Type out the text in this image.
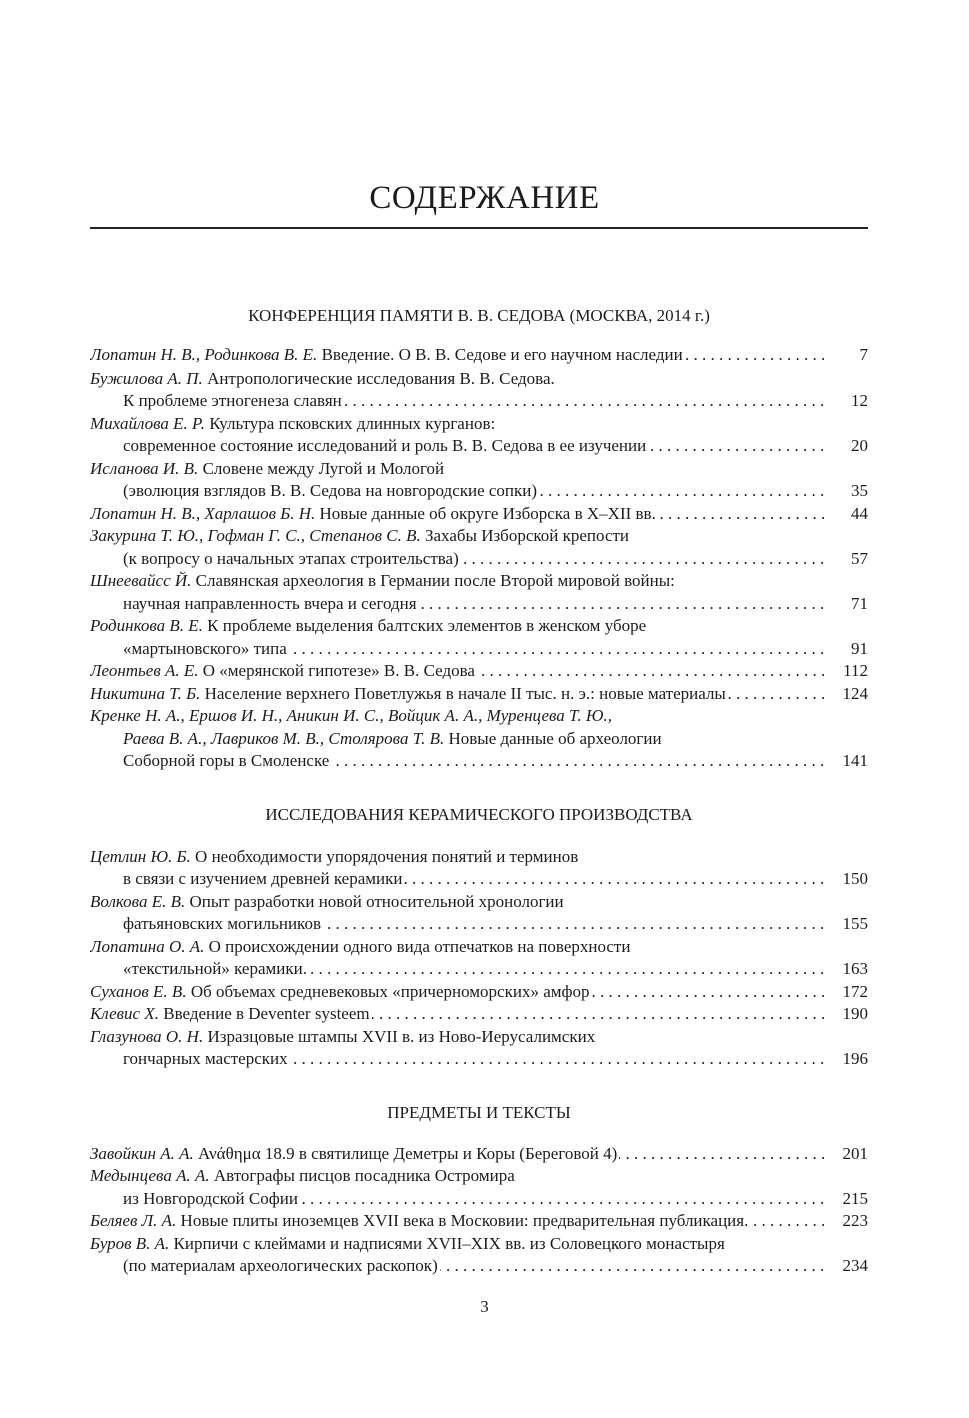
СОДЕРЖАНИЕ
КОНФЕРЕНЦИЯ ПАМЯТИ В. В. СЕДОВА (МОСКВА, 2014 г.)
. . . Лопатин Н. В., Родинкова В. Е. Введение. О В. В. Седове и его научном наследии	7
Бужилова А. П. Антропологические исследования В. В. Седова.
. . . К проблеме этногенеза славян	12
Михайлова Е. Р. Культура псковских длинных курганов:
. . . современное состояние исследований и роль В. В. Седова в ее изучении	20
Исланова И. В. Словене между Лугой и Мологой
. . . (эволюция взглядов В. В. Седова на новгородские сопки)	35
. . . Лопатин Н. В., Харлашов Б. Н. Новые данные об округе Изборска в X–XII вв.	44
Закурина Т. Ю., Гофман Г. С., Степанов С. В. Захабы Изборской крепости
. . . (к вопросу о начальных этапах строительства)	57
Шнеевайсс Й. Славянская археология в Германии после Второй мировой войны:
. . . научная направленность вчера и сегодня	71
Родинкова В. Е. К проблеме выделения балтских элементов в женском уборе
. . . «мартыновского» типа	91
. . . Леонтьев А. Е. О «мерянской гипотезе» В. В. Седова	112
. . . Никитина Т. Б. Население верхнего Поветлужья в начале II тыс. н. э.: новые материалы	124
Кренке Н. А., Ершов И. Н., Аникин И. С., Войцик А. А., Муренцева Т. Ю.,
Раева В. А., Лавриков М. В., Столярова Т. В. Новые данные об археологии
. . . Соборной горы в Смоленске	141
ИССЛЕДОВАНИЯ КЕРАМИЧЕСКОГО ПРОИЗВОДСТВА
Цетлин Ю. Б. О необходимости упорядочения понятий и терминов
. . . в связи с изучением древней керамики	150
Волкова Е. В. Опыт разработки новой относительной хронологии
. . . фатьяновских могильников	155
Лопатина О. А. О происхождении одного вида отпечатков на поверхности
. . . «текстильной» керамики.	163
. . . Суханов Е. В. Об объемах средневековых «причерноморских» амфор	172
. . . Клевис Х. Введение в Deventer systeem	190
Глазунова О. Н. Изразцовые штампы XVII в. из Ново-Иерусалимских
. . . гончарных мастерских	196
ПРЕДМЕТЫ И ТЕКСТЫ
. . . Завойкин А. А. Ανάθημα 18.9 в святилище Деметры и Коры (Береговой 4)	201
Медынцева А. А. Автографы писцов посадника Остромира
. . . из Новгородской Софии	215
. . . Беляев Л. А. Новые плиты иноземцев XVII века в Московии: предварительная публикация.	223
Буров В. А. Кирпичи с клеймами и надписями XVII–XIX вв. из Соловецкого монастыря
. . . (по материалам археологических раскопок)	234
3
